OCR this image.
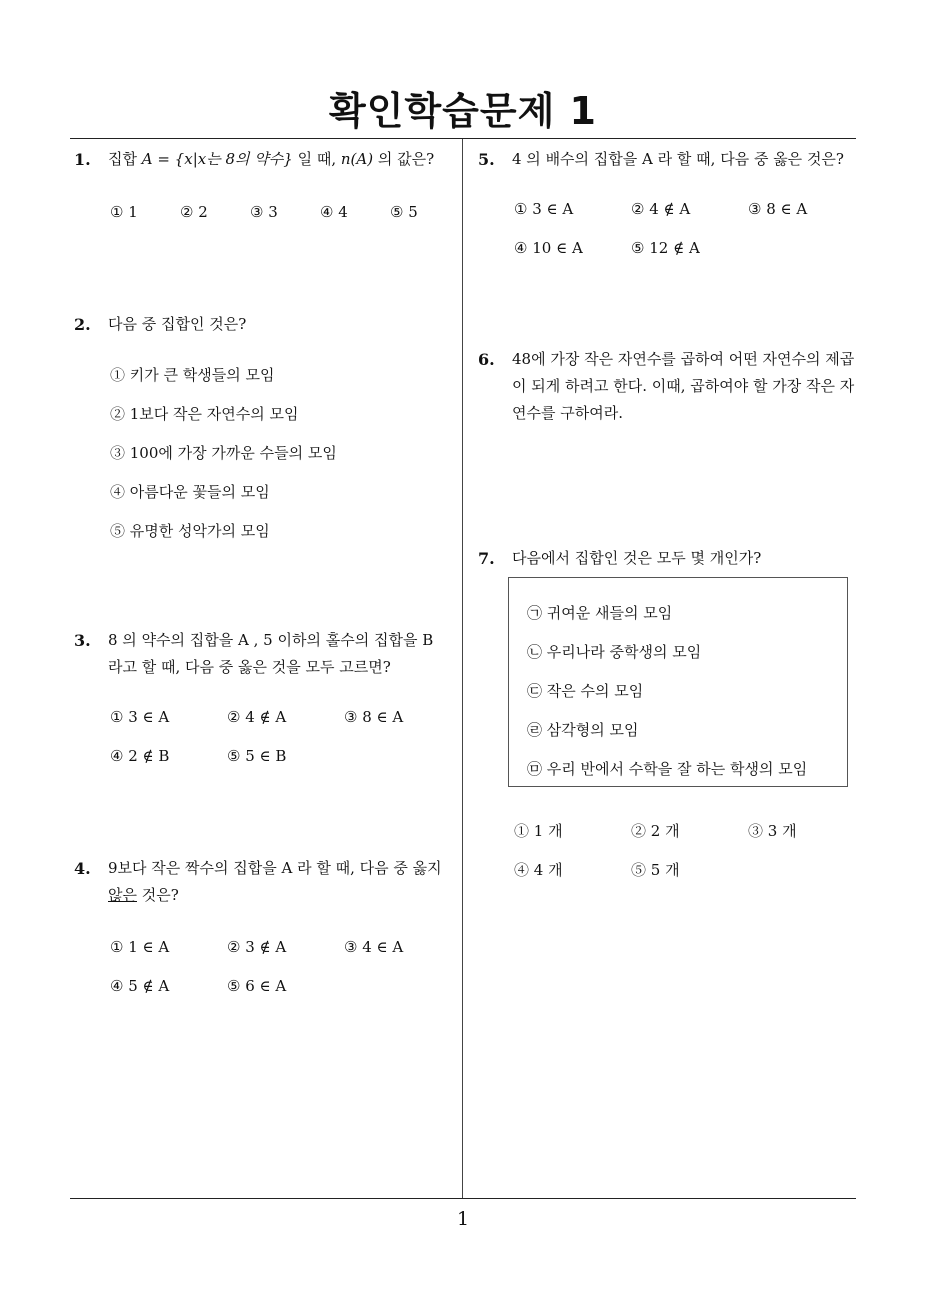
확인학습문제 1
1. 집합 A = {x|x는 8의 약수} 일 때, n(A) 의 값은?
① 1	② 2	③ 3	④ 4	⑤ 5
2. 다음 중 집합인 것은?
① 키가 큰 학생들의 모임
② 1보다 작은 자연수의 모임
③ 100에 가장 가까운 수들의 모임
④ 아름다운 꽃들의 모임
⑤ 유명한 성악가의 모임
3. 8 의 약수의 집합을 A , 5 이하의 홀수의 집합을 B
라고 할 때, 다음 중 옳은 것을 모두 고르면?
① 3 ∈ A	② 4 ∉ A	③ 8 ∈ A
④ 2 ∉ B	⑤ 5 ∈ B
4. 9보다 작은 짝수의 집합을 A 라 할 때, 다음 중 옳지
않은 것은?
① 1 ∈ A	② 3 ∉ A	③ 4 ∈ A
④ 5 ∉ A	⑤ 6 ∈ A
5. 4 의 배수의 집합을 A 라 할 때, 다음 중 옳은 것은?
① 3 ∈ A	② 4 ∉ A	③ 8 ∈ A
④ 10 ∈ A	⑤ 12 ∉ A
6. 48에 가장 작은 자연수를 곱하여 어떤 자연수의 제곱
이 되게 하려고 한다. 이때, 곱하여야 할 가장 작은 자
연수를 구하여라.
7. 다음에서 집합인 것은 모두 몇 개인가?
㉠ 귀여운 새들의 모임
㉡ 우리나라 중학생의 모임
㉢ 작은 수의 모임
㉣ 삼각형의 모임
㉤ 우리 반에서 수학을 잘 하는 학생의 모임
① 1 개	② 2 개	③ 3 개
④ 4 개	⑤ 5 개
1
